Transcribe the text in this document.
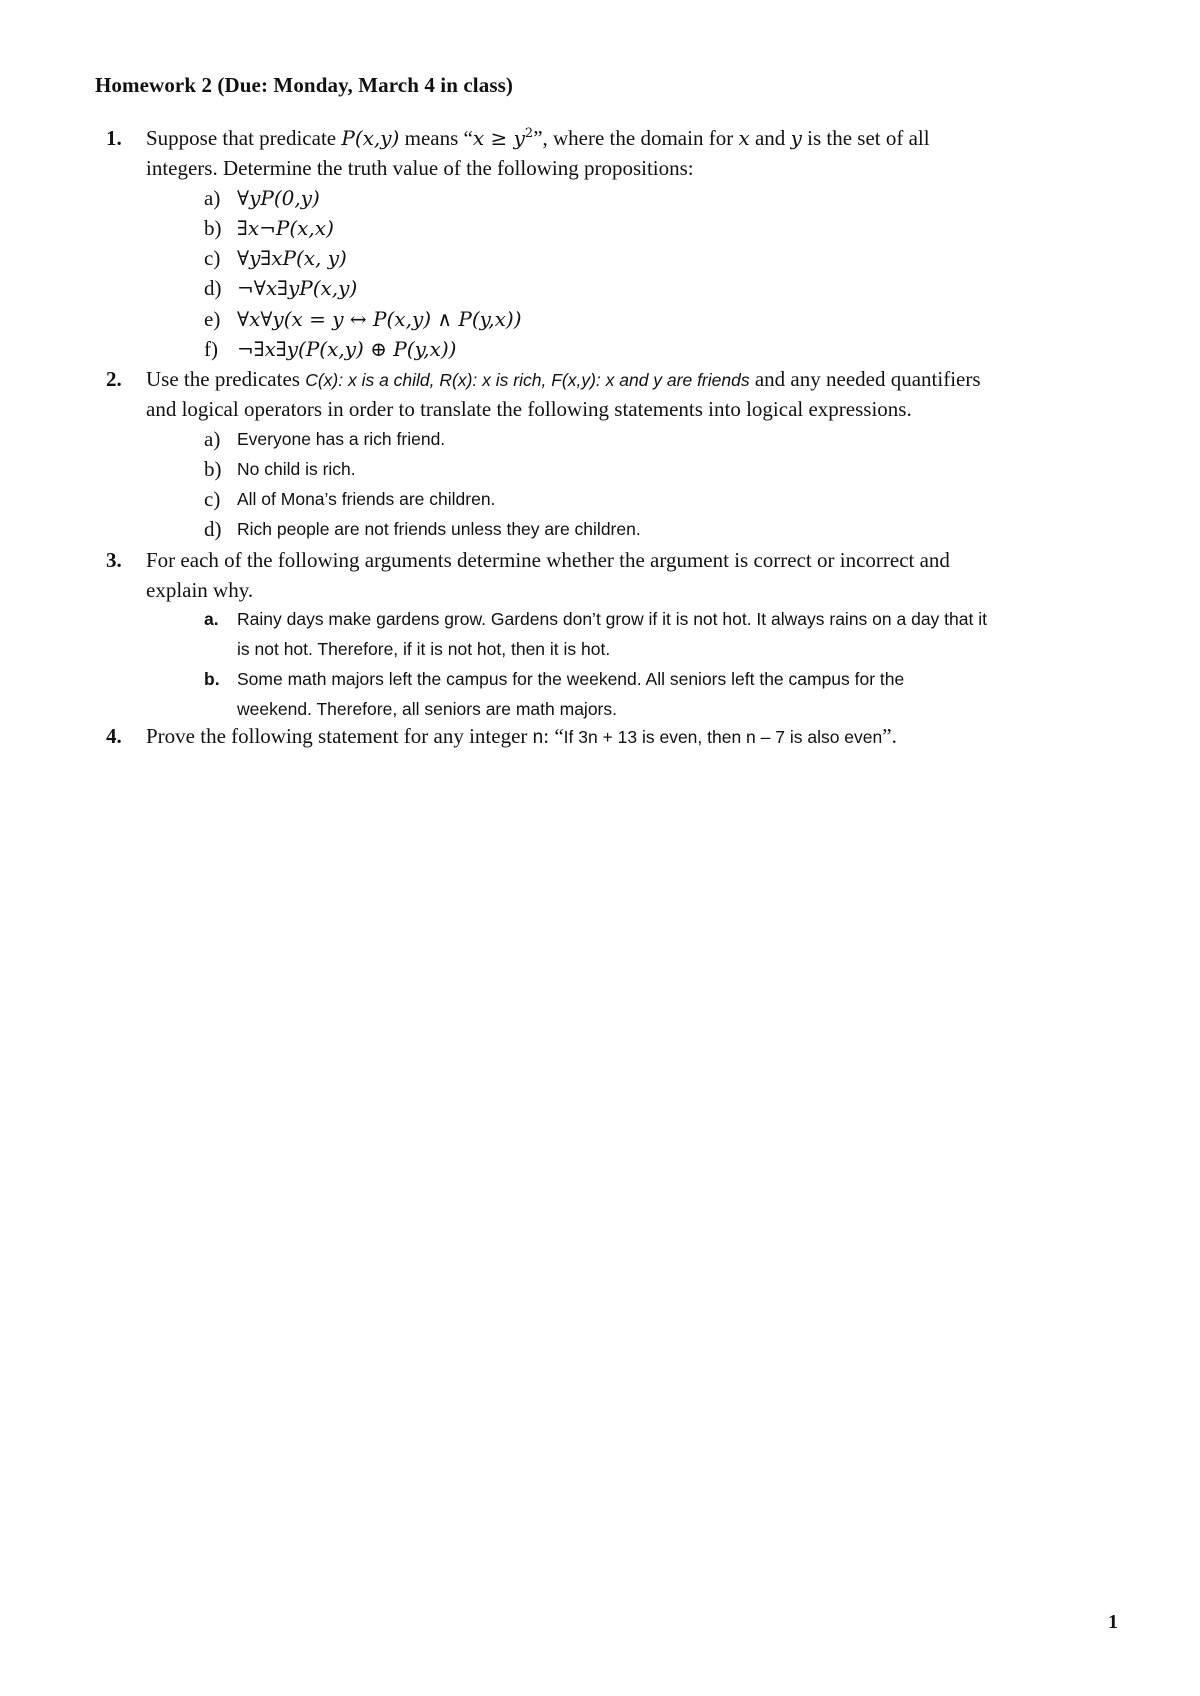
Homework 2 (Due: Monday, March 4 in class)
1. Suppose that predicate P(x,y) means “$x \ge y^2$”, where the domain for x and y is the set of all
integers. Determine the truth value of the following propositions:
a) ∀yP(0,y)
b) ∃x¬P(x,x)
c) ∀y∃xP(x, y)
d) ¬∀x∃yP(x,y)
e) ∀x∀y(x = y ↔ P(x,y) ∧ P(y,x))
f) ¬∃x∃y(P(x,y) ⊕ P(y,x))
2. Use the predicates C(x): x is a child, R(x): x is rich, F(x,y): x and y are friends and any needed quantifiers
and logical operators in order to translate the following statements into logical expressions.
a) Everyone has a rich friend.
b) No child is rich.
c) All of Mona’s friends are children.
d) Rich people are not friends unless they are children.
3. For each of the following arguments determine whether the argument is correct or incorrect and
explain why.
a. Rainy days make gardens grow. Gardens don’t grow if it is not hot. It always rains on a day that it
is not hot. Therefore, if it is not hot, then it is hot.
b. Some math majors left the campus for the weekend. All seniors left the campus for the
weekend. Therefore, all seniors are math majors.
4. Prove the following statement for any integer n: “If 3n + 13 is even, then n – 7 is also even”.
1
